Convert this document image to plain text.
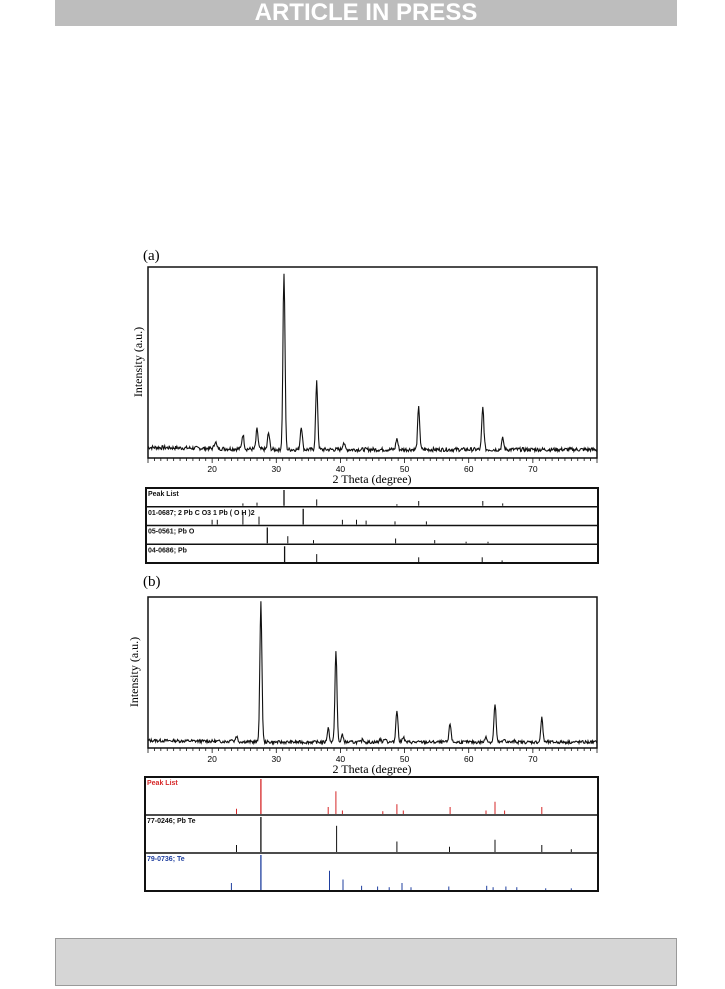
ARTICLE IN PRESS
(a)
Intensity (a.u.)
2 Theta (degree)
20	30	40	50	60	70
Peak List
01-0687; 2 Pb C O3 1 Pb ( O H )2
05-0561; Pb O
04-0686; Pb
(b)
Intensity (a.u.)
2 Theta (degree)
20	30	40	50	60	70
Peak List
77-0246; Pb Te
79-0736; Te
